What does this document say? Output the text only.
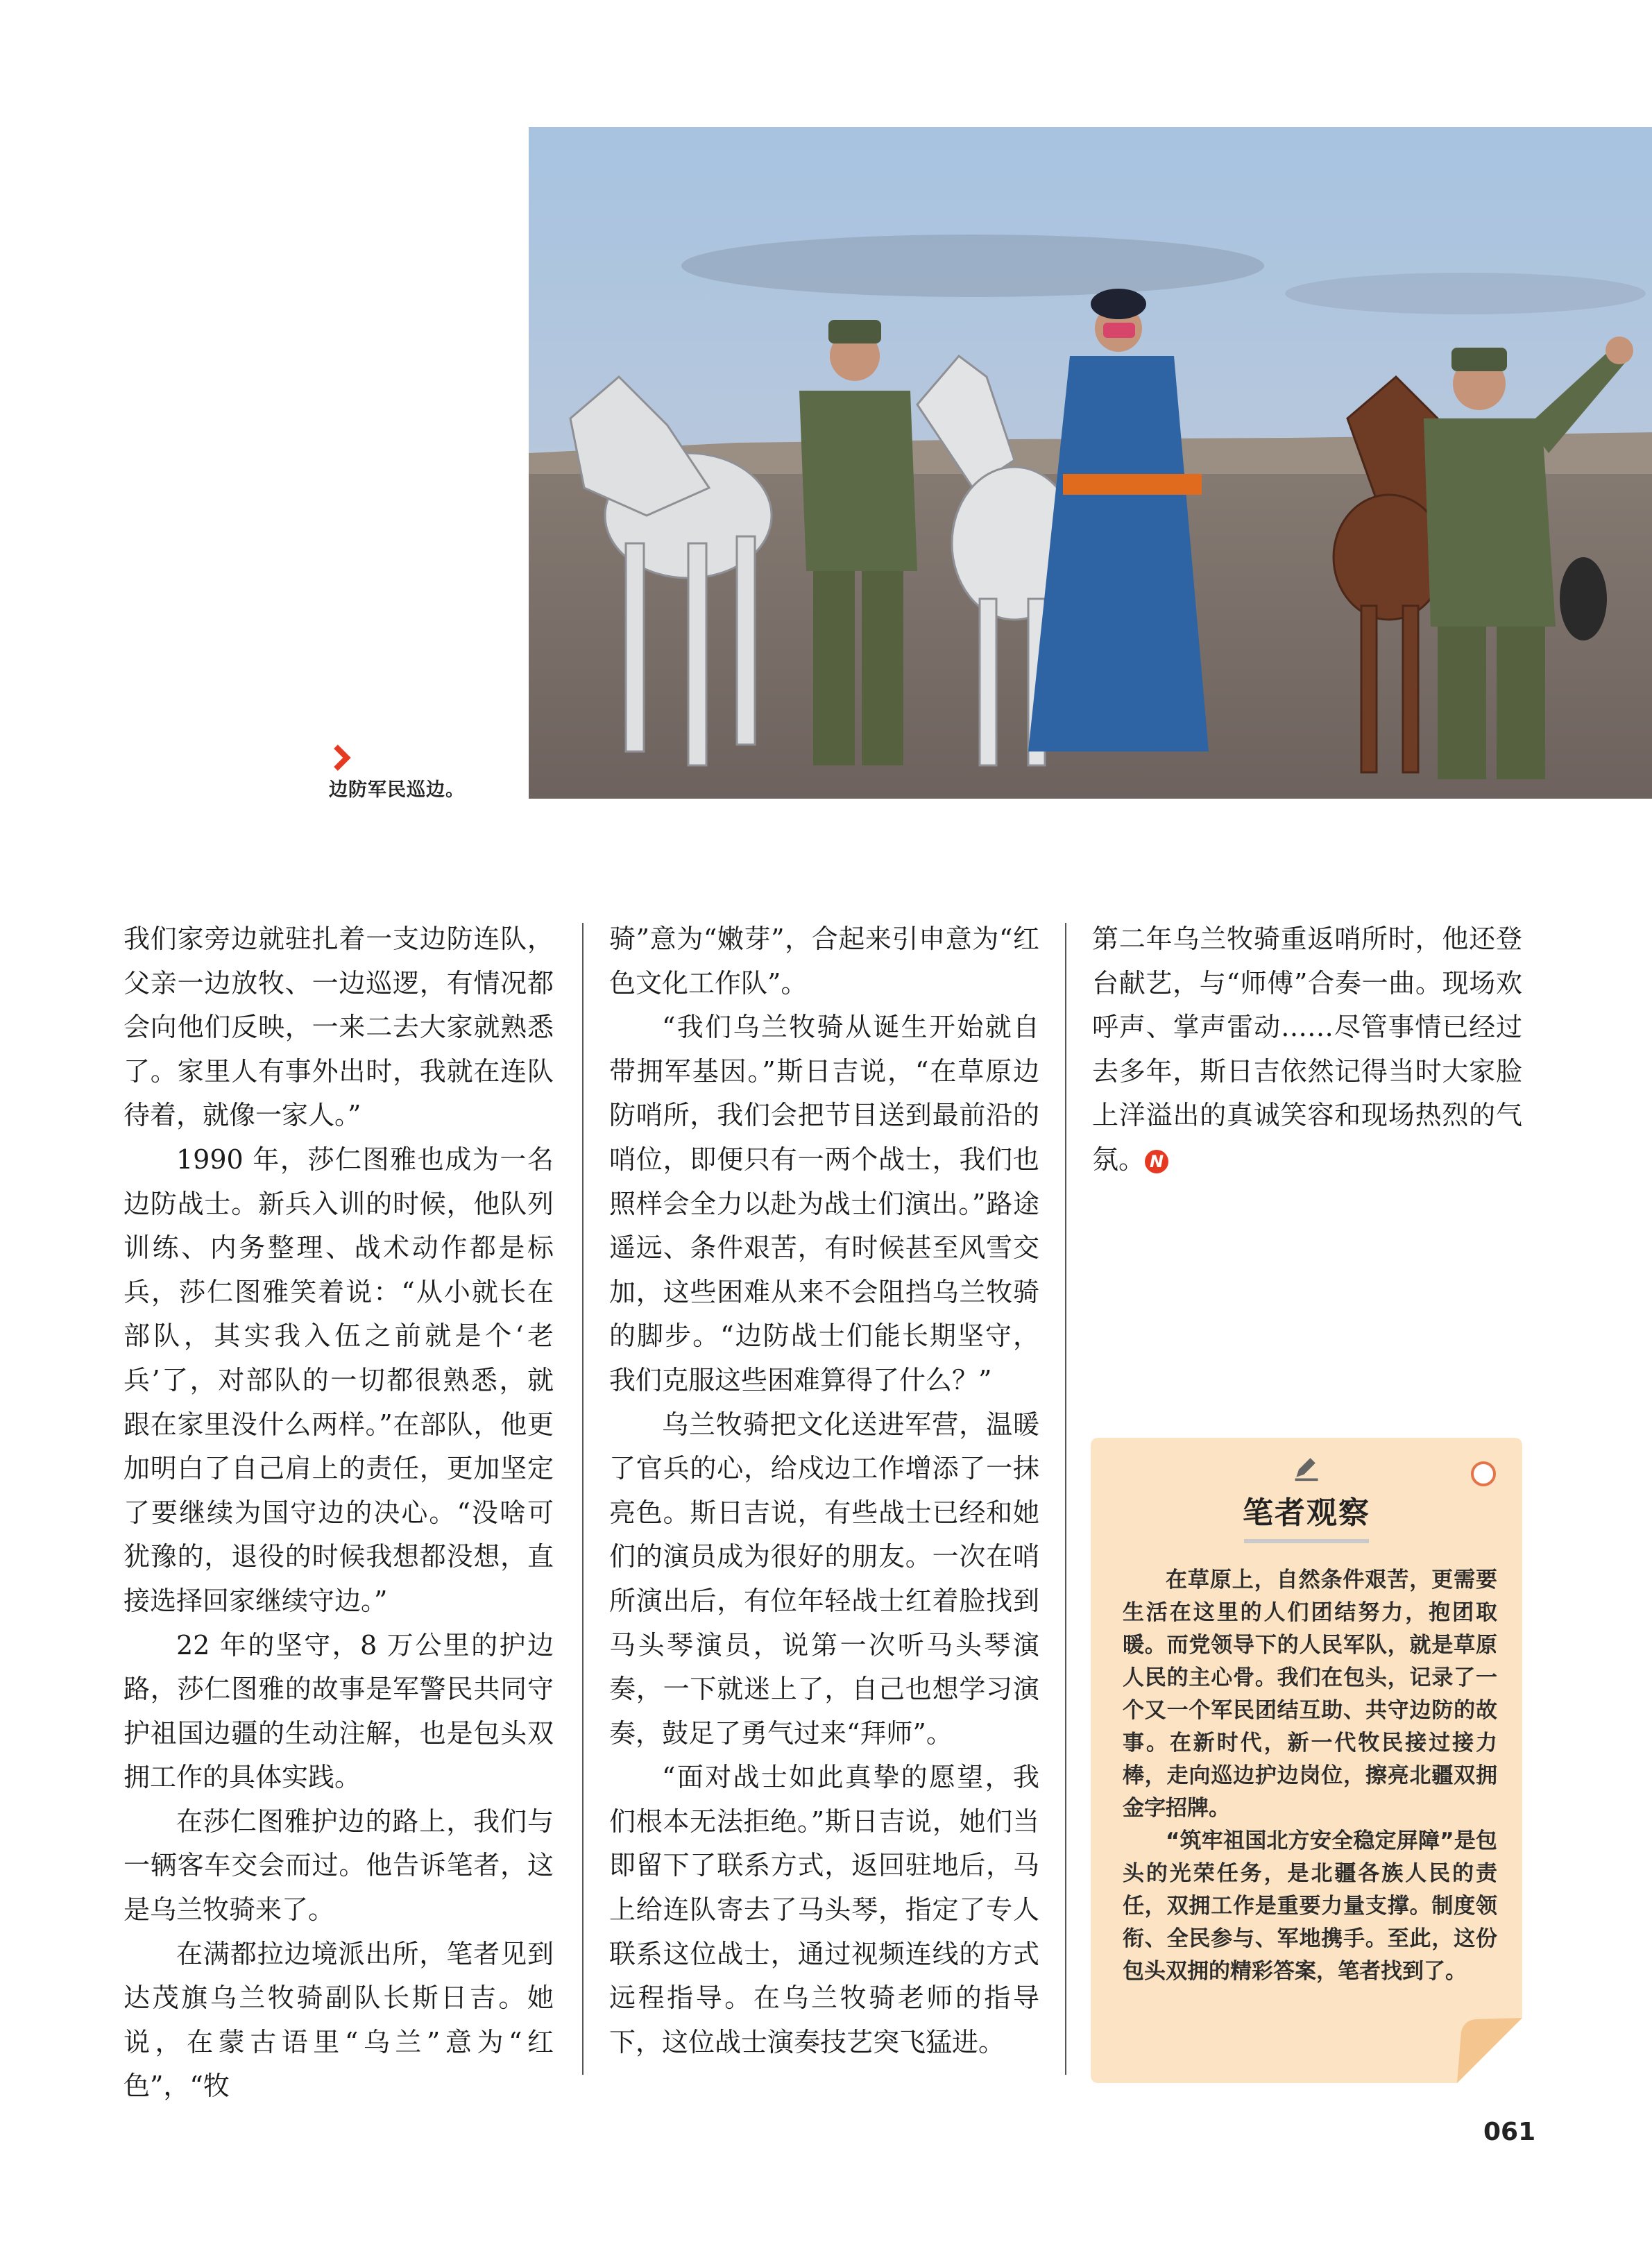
边防军民巡边。

我们家旁边就驻扎着一支边防连队，父亲一边放牧、一边巡逻，有情况都会向他们反映，一来二去大家就熟悉了。家里人有事外出时，我就在连队待着，就像一家人。”

1990 年，莎仁图雅也成为一名边防战士。新兵入训的时候，他队列训练、内务整理、战术动作都是标兵，莎仁图雅笑着说：“从小就长在部队，其实我入伍之前就是个‘老兵’了，对部队的一切都很熟悉，就跟在家里没什么两样。”在部队，他更加明白了自己肩上的责任，更加坚定了要继续为国守边的决心。“没啥可犹豫的，退役的时候我想都没想，直接选择回家继续守边。”

22 年的坚守，8 万公里的护边路，莎仁图雅的故事是军警民共同守护祖国边疆的生动注解，也是包头双拥工作的具体实践。

在莎仁图雅护边的路上，我们与一辆客车交会而过。他告诉笔者，这是乌兰牧骑来了。

在满都拉边境派出所，笔者见到达茂旗乌兰牧骑副队长斯日吉。她说，在蒙古语里“乌兰”意为“红色”，“牧

骑”意为“嫩芽”，合起来引申意为“红色文化工作队”。

“我们乌兰牧骑从诞生开始就自带拥军基因。”斯日吉说，“在草原边防哨所，我们会把节目送到最前沿的哨位，即便只有一两个战士，我们也照样会全力以赴为战士们演出。”路途遥远、条件艰苦，有时候甚至风雪交加，这些困难从来不会阻挡乌兰牧骑的脚步。“边防战士们能长期坚守，我们克服这些困难算得了什么？”

乌兰牧骑把文化送进军营，温暖了官兵的心，给戍边工作增添了一抹亮色。斯日吉说，有些战士已经和她们的演员成为很好的朋友。一次在哨所演出后，有位年轻战士红着脸找到马头琴演员，说第一次听马头琴演奏，一下就迷上了，自己也想学习演奏，鼓足了勇气过来“拜师”。

“面对战士如此真挚的愿望，我们根本无法拒绝。”斯日吉说，她们当即留下了联系方式，返回驻地后，马上给连队寄去了马头琴，指定了专人联系这位战士，通过视频连线的方式远程指导。在乌兰牧骑老师的指导下，这位战士演奏技艺突飞猛进。

第二年乌兰牧骑重返哨所时，他还登台献艺，与“师傅”合奏一曲。现场欢呼声、掌声雷动……尽管事情已经过去多年，斯日吉依然记得当时大家脸上洋溢出的真诚笑容和现场热烈的气氛。 N

笔者观察

在草原上，自然条件艰苦，更需要生活在这里的人们团结努力，抱团取暖。而党领导下的人民军队，就是草原人民的主心骨。我们在包头，记录了一个又一个军民团结互助、共守边防的故事。在新时代，新一代牧民接过接力棒，走向巡边护边岗位，擦亮北疆双拥金字招牌。

“筑牢祖国北方安全稳定屏障”是包头的光荣任务，是北疆各族人民的责任，双拥工作是重要力量支撑。制度领衔、全民参与、军地携手。至此，这份包头双拥的精彩答案，笔者找到了。

061
